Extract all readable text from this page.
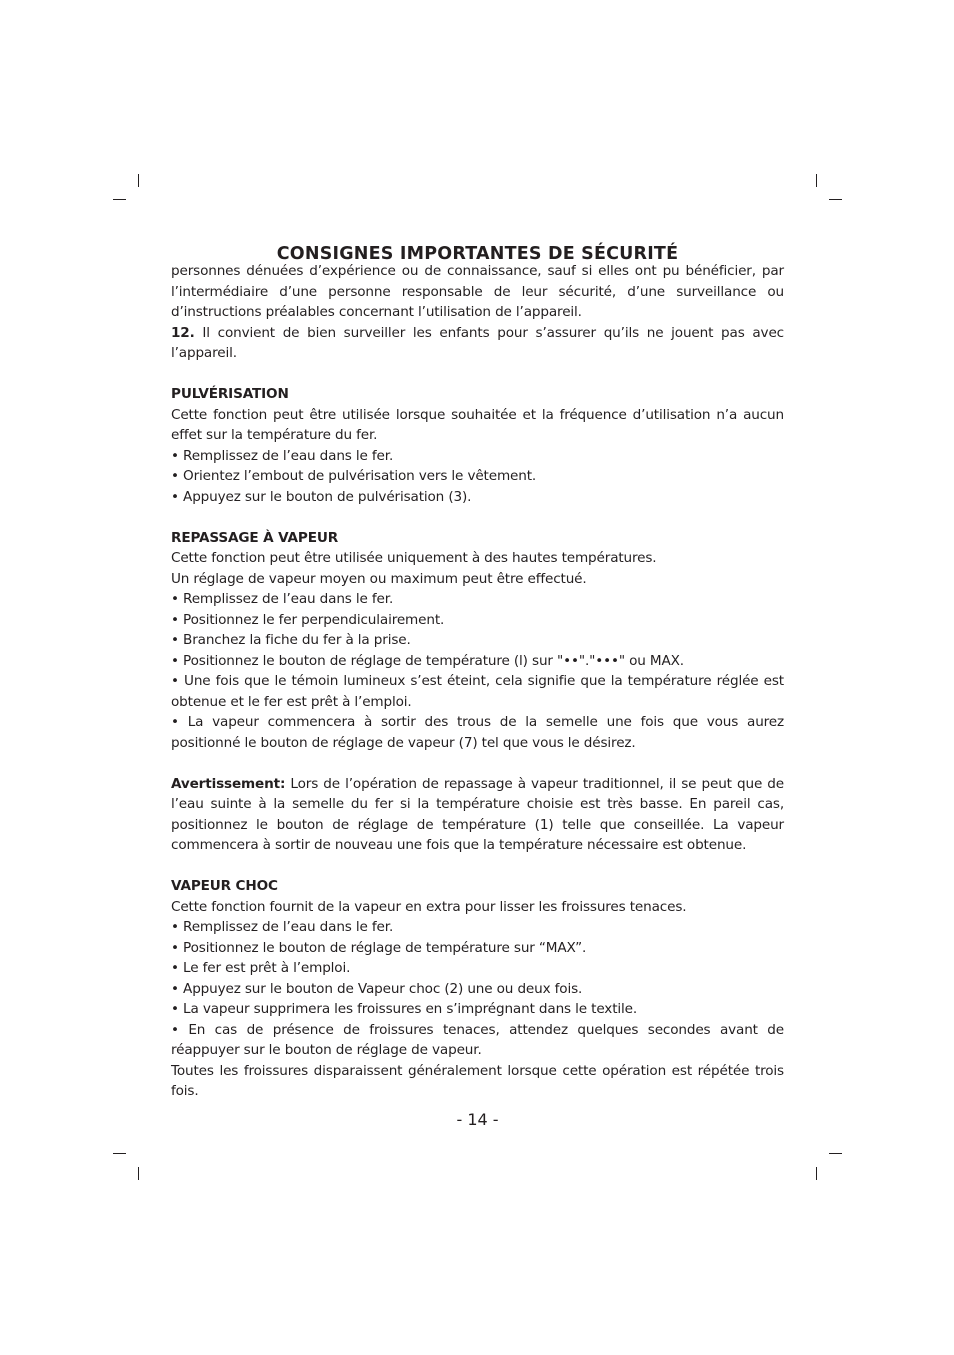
CONSIGNES IMPORTANTES DE SÉCURITÉ

personnes dénuées d’expérience ou de connaissance, sauf si elles ont pu bénéficier, par l’intermédiaire d’une personne responsable de leur sécurité, d’une surveillance ou d’instructions préalables concernant l’utilisation de l’appareil.

12. Il convient de bien surveiller les enfants pour s’assurer qu’ils ne jouent pas avec l’appareil.

PULVÉRISATION

Cette fonction peut être utilisée lorsque souhaitée et la fréquence d’utilisation n’a aucun effet sur la température du fer.

• Remplissez de l’eau dans le fer.

• Orientez l’embout de pulvérisation vers le vêtement.

• Appuyez sur le bouton de pulvérisation (3).

REPASSAGE À VAPEUR

Cette fonction peut être utilisée uniquement à des hautes températures.

Un réglage de vapeur moyen ou maximum peut être effectué.

• Remplissez de l’eau dans le fer.

• Positionnez le fer perpendiculairement.

• Branchez la fiche du fer à la prise.

• Positionnez le bouton de réglage de température (l) sur "••"."•••" ou MAX.

• Une fois que le témoin lumineux s’est éteint, cela signifie que la température réglée est obtenue et le fer est prêt à l’emploi.

• La vapeur commencera à sortir des trous de la semelle une fois que vous aurez positionné le bouton de réglage de vapeur (7) tel que vous le désirez.

Avertissement: Lors de l’opération de repassage à vapeur traditionnel, il se peut que de l’eau suinte à la semelle du fer si la température choisie est très basse. En pareil cas, positionnez le bouton de réglage de température (1) telle que conseillée. La vapeur commencera à sortir de nouveau une fois que la température nécessaire est obtenue.

VAPEUR CHOC

Cette fonction fournit de la vapeur en extra pour lisser les froissures tenaces.

• Remplissez de l’eau dans le fer.

• Positionnez le bouton de réglage de température sur “MAX”.

• Le fer est prêt à l’emploi.

• Appuyez sur le bouton de Vapeur choc (2) une ou deux fois.

• La vapeur supprimera les froissures en s’imprégnant dans le textile.

• En cas de présence de froissures tenaces, attendez quelques secondes avant de réappuyer sur le bouton de réglage de vapeur.

Toutes les froissures disparaissent généralement lorsque cette opération est répétée trois fois.

- 14 -
